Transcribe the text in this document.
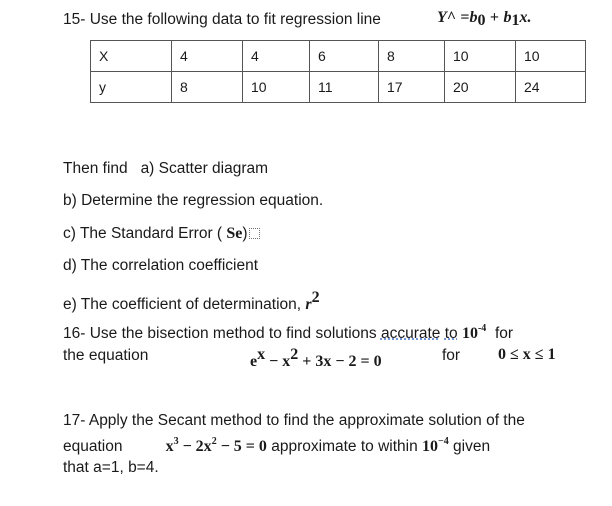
15- Use the following data to fit regression line	Y^ $=b_0 + b_1x$.
X	4	4	6	8	10	10
y	8	10	11	17	20	24
Then find a) Scatter diagram
b) Determine the regression equation.
c) The Standard Error ( Se)
d) The correlation coefficient
e) The coefficient of determination, $r^2$
16- Use the bisection method to find solutions accurate to $10^{-4}$ for
the equation	$e^x - x^2 + 3x - 2 = 0$	for 0 ≤ x ≤ 1
17- Apply the Secant method to find the approximate solution of the
equation	$x^3 - 2x^2 - 5 = 0$ approximate to within $10^{-4}$ given
that a=1, b=4.
